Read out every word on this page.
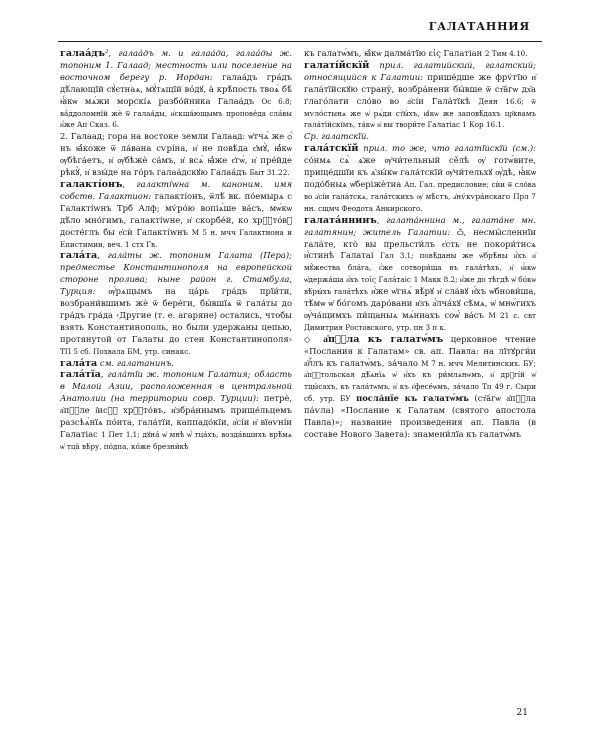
ГАЛАТАННИЯ

галаа́дъ², галаа́дъ м. и галаа́да, галаа́ды ж. топоним 1. Галаад; местность или поселение на восточном берегу р. Иордан: галаа́дъ гра́дъ дѣ́лающїй сꙋ́єтнаѧ, мꙋ́тѧщїй во́дꙋ, а̀ крѣ́пость твоѧ̀ бѣ́ ꙗ҆́кѡ мѧ́жи морскі́ѧ разбо́йника Галаа́дъ Ос 6.8; ва́ддоломнїй жѐ ѿ галаа́ды, и҆скша́ющымъ пропове́да сла́вы и҆́же Ап Сказ. 6.
2. Галаад; гора на востоке земли Галаад: ѡ҆тчѧ́ же ѻ҆́ нъ ꙗ҆́коже ѿ ла́вана сѵрі́на, и҆ не повѣ́да є҆мꙋ̀, ꙗ҆́кѡ ѹ҆бѣга́етъ, и҆ ѹ҆бѣжѐ са́мъ, и҆ всѧ̀ ꙗ҆̀же є҆гѡ̀, и҆ пре́йде рѣкꙋ̀, и҆ взы́де на го́ръ галаа́дскꙋю Галаа́дъ Быт 31.22.

галакті́онъ, галакті́wна м. каноним. имя собств. Галактион: галакті́онъ, ѿлѣ́ вк. по́емырѧ с Галакті́wнъ Трб Алф; мѵ́ро́ю вопіѧ́ше ва́съ, мѡ́кѡ дѣ́ло мно́гимъ, галакті́wне, и҆ скорбе́й, ко хрⷭ҇то́вꙋ досте́глъ бы е҆сѝ Галакті́wнъ М 5 н. мчч Галактиона и Епистимии, веч. 1 стх Гв.

гала́та, гала́ты ж. топоним Галата (Пера); предместье Константинополя на европейской стороне пролива; ныне район г. Стамбула, Турция: ѹ҆́рѧщымъ на ца́рь гра́дъ прїи́ти, возбрани́вшимъ жѐ ѿ бере́ги, бы́вшїѧ ѿ гала́ты до гра́дъ гра́да ‹Другие (т. е. агаряне) остались, чтобы взять Константинополь, но были удержаны цепью, протянутой от Галаты до стен Константинополя› ТП 5 сб. Похвала БМ, утр. синакс.

гала́та см. галатанинъ.

гала́тїа, гала́тїи ж. топоним Галатия; область в Малой Азии, расположенная в центральной Анатолии (на территории совр. Турции): петрѐ, а҆пⷭ҇ле і҆исꙋ҆ хрⷭ҇то́въ, и҆збра́ннымъ прише́льцемъ разсѣѧ́нїѧ по́нта, гала́тїи, каппадо́кїи, а҆сі́и и҆ вїѳѵні́и Галатіас 1 Пет 1.1; дꙋна́ ѡ҆ мнѣ ѡ҆́ тца́хъ, возда́вшихъ врѣ́мѧ ѡ҆ тца̀ вѣ́ру, по́дпа, ко́же брезни́кѣ

къ галатѡ́мъ, ꙗ҆́кѡ далма́тїю εἰς Галатіан 2 Тим 4.10.

галаті́йскїй прил. галатийский, галатский; относящийся к Галатии: прише́дше же фрѵ́гїю и҆ гала́тїйскꙋю страну̀, возбра́нени бы́вше ѿ ст҃а́гѡ дх҃а глаго́лати сло́во во а҆сі́и Гала́тїкѣ Деян 16.6; ѿ мѵло́стынѧ же ѡ҆ рѧ́ди ст҃ы́хъ, ꙗ҆́кѡ же заповѣ́дахъ цр҃квамъ гала́тїйскїмъ, та́кѡ и҆ вы твори́те Галатіас 1 Кор 16.1.
Ср. галатскїй.

гала́тскїй прил. то же, что галатїйскїй (см.): со́нмѧ сѧ̀ ѧ҆же ѹ҆чи́тельный сѐ́лѣ ѹ҆ готѡ́вите, прище́дшїи къ ѧ҆зы́кѡ гала́тскїй ѹ҆чи́тельхꙋ ѹ҆́дѣ, ꙗ҆́кѡ подо́бныѧ ѡ҆беріжѐтиа Ап. Гал. предисловие; сѝи ѿ сло́ва во а҆сі́и гала́тскѧ, гала́тскихъ ѹ҆ мѣ́стъ, а҆нѵ́кѵра́нскаго Прл 7 нн. сщмч Феодота Анкирского.

галата́ннинъ, галата́ннина м., галата́не мн. галатянин; житель Галатии: ѽ, несмы́сленнїи гала́те, кто̀ вы прельсти́лъ є҆сть не покори́тисѧ и҆́стинѣ Галатаі Гал 3.1; повѣ́даны же ѡ҆брѣ́ны и҆́хъ и҆ мꙋ́жества бла́га, є҆́же сотвори́ша въ гала́тѣхъ, и҆ ꙗ҆́кѡ ѡ҆держа́ша и҆́хъ τοῖς Гала́таіс 1 Макк 8.2; и҆́же до тѣгдѣ ѡ҆ бо́кѡ вѣ́ры́хъ гала́тѣхъ и҆́же ѡ҆гнѧ́ вѣ́рꙋ и҆ сла́вꙋ и҆́хъ ѡ҆бнови́ша, тѣ́мѡ ѡ҆ бо́гомъ даро́вани и҆зъ а҆́лча́хꙋ сѣ́мѧ, ѡ҆ мнѡ́гихъ ѹ҆́ча́щимхъ пи́щаныѧ мѧ́ниахъ соѡ҆́ ва́съ М 21 с. свт Димитрия Ростовского, утр. пн 3 п к.

◇ а҆пⷭ҇ла къ галатѡ́мъ церковное чтение «Послания к Галатам» св. ап. Павла: на лїтꙋрги́и а҆пⷭ҇лъ къ галатѡ́мъ, за́чало М 7 н. мчч Мелитинских. БУ; а҆пⷭ҇тольская дѣ́ѧнїѧ ѡ҆ и҆́хъ къ ри́млѧнѡмъ, и҆ дрꙋгі́й ѡ҆ тцы́сахъ, къ гала́тѡмъ, и҆ къ є҆фесе́ѡмъ, за́чало Тп 49 г. Сыри сб. утр. БУ посла́нїе къ галатѡ́мъ (ст҃а́гѡ а҆пⷭ҇ла па́ѵла) «Послание к Галатам (святого апостола Павла)»; название произведения ап. Павла (в составе Нового Завета): знамени́лїа къ галатѡ́мъ

21
